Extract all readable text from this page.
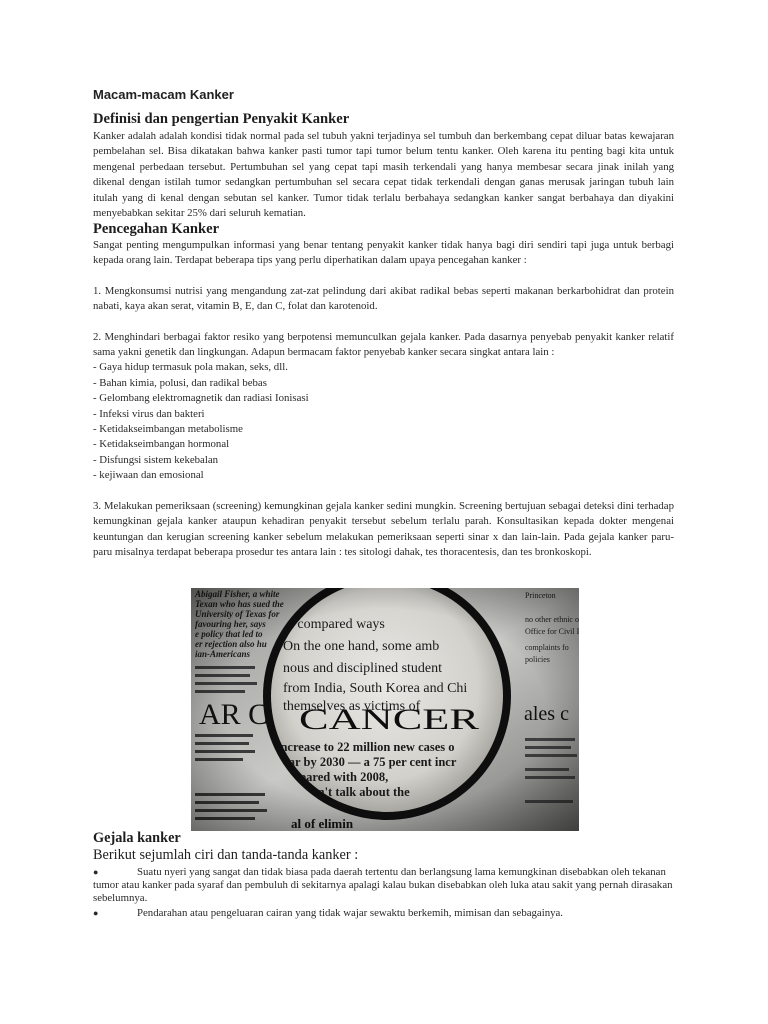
Macam-macam Kanker
Definisi dan pengertian Penyakit Kanker

Kanker adalah adalah kondisi tidak normal pada sel tubuh yakni terjadinya sel tumbuh dan berkembang cepat diluar batas kewajaran pembelahan sel. Bisa dikatakan bahwa kanker pasti tumor tapi tumor belum tentu kanker. Oleh karena itu penting bagi kita untuk mengenal perbedaan tersebut. Pertumbuhan sel yang cepat tapi masih terkendali yang hanya membesar secara jinak inilah yang dikenal dengan istilah tumor sedangkan pertumbuhan sel secara cepat tidak terkendali dengan ganas merusak jaringan tubuh lain itulah yang di kenal dengan sebutan sel kanker. Tumor tidak terlalu berbahaya sedangkan kanker sangat berbahaya dan diyakini menyebabkan sekitar 25% dari seluruh kematian.

Pencegahan Kanker

Sangat penting mengumpulkan informasi yang benar tentang penyakit kanker tidak hanya bagi diri sendiri tapi juga untuk berbagi kepada orang lain. Terdapat beberapa tips yang perlu diperhatikan dalam upaya pencegahan kanker :

1. Mengkonsumsi nutrisi yang mengandung zat-zat pelindung dari akibat radikal bebas seperti makanan berkarbohidrat dan protein nabati, kaya akan serat, vitamin B, E, dan C, folat dan karotenoid.

2. Menghindari berbagai faktor resiko yang berpotensi memunculkan gejala kanker. Pada dasarnya penyebab penyakit kanker relatif sama yakni genetik dan lingkungan. Adapun bermacam faktor penyebab kanker secara singkat antara lain :

- Gaya hidup termasuk pola makan, seks, dll.
- Bahan kimia, polusi, dan radikal bebas
- Gelombang elektromagnetik dan radiasi Ionisasi
- Infeksi virus dan bakteri
- Ketidakseimbangan metabolisme
- Ketidakseimbangan hormonal
- Disfungsi sistem kekebalan
- kejiwaan dan emosional

3. Melakukan pemeriksaan (screening) kemungkinan gejala kanker sedini mungkin. Screening bertujuan sebagai deteksi dini terhadap kemungkinan gejala kanker ataupun kehadiran penyakit tersebut sebelum terlalu parah. Konsultasikan kepada dokter mengenai keuntungan dan kerugian screening kanker sebelum melakukan pemeriksaan seperti sinar x dan lain-lain. Pada gejala kanker paru-paru misalnya terdapat beberapa prosedur tes antara lain : tes sitologi dahak, tes thoracentesis, dan tes bronkoskopi.

Gejala kanker
Berikut sejumlah ciri dan tanda-tanda kanker :
●	Suatu nyeri yang sangat dan tidak biasa pada daerah tertentu dan berlangsung lama kemungkinan disebabkan oleh tekanan tumor atau kanker pada syaraf dan pembuluh di sekitarnya apalagi kalau bukan disebabkan oleh luka atau sakit yang pernah dirasakan sebelumnya.
●	Pendarahan atau pengeluaran cairan yang tidak wajar sewaktu berkemih, mimisan dan sebagainya.
